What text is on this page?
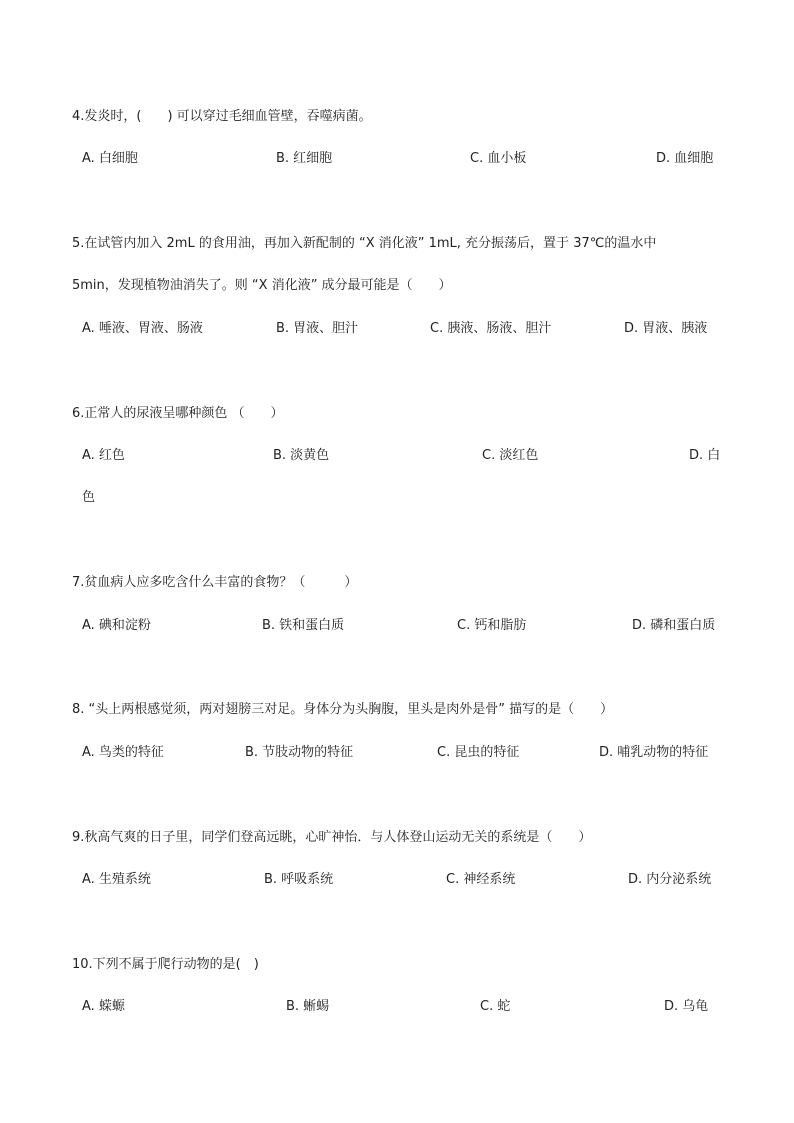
4.发炎时，(　　) 可以穿过毛细血管壁，吞噬病菌。
A. 白细胞	B. 红细胞	C. 血小板	D. 血细胞
5.在试管内加入 2mL 的食用油，再加入新配制的 “X 消化液” 1mL, 充分振荡后，置于 37℃的温水中
5min，发现植物油消失了。则 “X 消化液” 成分最可能是（　　）
A. 唾液、胃液、肠液	B. 胃液、胆汁	C. 胰液、肠液、胆汁	D. 胃液、胰液
6.正常人的尿液呈哪种颜色 （　　）
A. 红色	B. 淡黄色	C. 淡红色	D. 白
色
7.贫血病人应多吃含什么丰富的食物？（　　　）
A. 碘和淀粉	B. 铁和蛋白质	C. 钙和脂肪	D. 磷和蛋白质
8. “头上两根感觉须，两对翅膀三对足。身体分为头胸腹，里头是肉外是骨” 描写的是（　　）
A. 鸟类的特征	B. 节肢动物的特征	C. 昆虫的特征	D. 哺乳动物的特征
9.秋高气爽的日子里，同学们登高远眺，心旷神怡．与人体登山运动无关的系统是（　　）
A. 生殖系统	B. 呼吸系统	C. 神经系统	D. 内分泌系统
10.下列不属于爬行动物的是(　)
A. 蝾螈	B. 蜥蜴	C. 蛇	D. 乌龟
